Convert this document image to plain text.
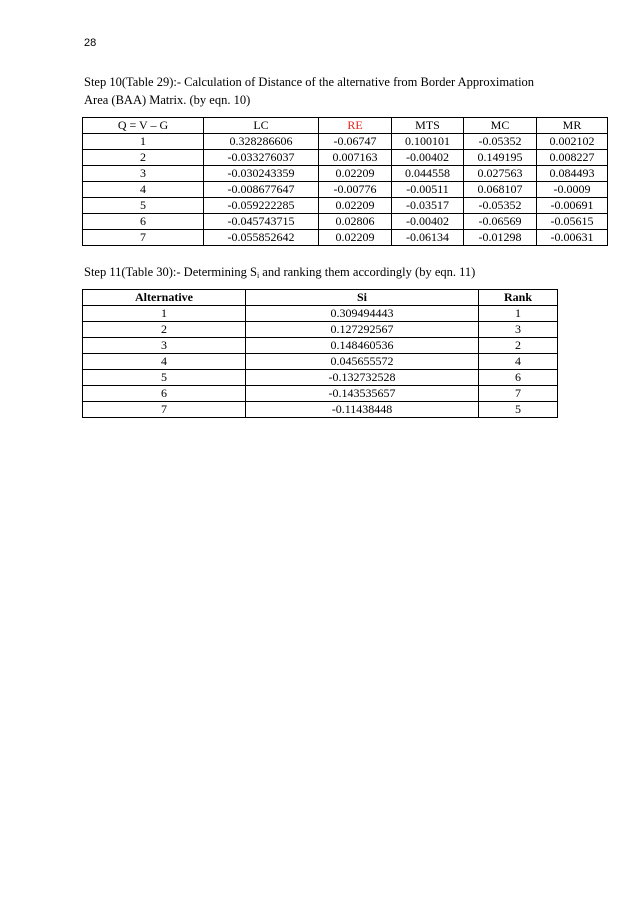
28
Step 10(Table 29):- Calculation of Distance of the alternative from Border Approximation
Area (BAA) Matrix. (by eqn. 10)
Q = V – G	LC	RE	MTS	MC	MR
1	0.328286606	-0.06747	0.100101	-0.05352	0.002102
2	-0.033276037	0.007163	-0.00402	0.149195	0.008227
3	-0.030243359	0.02209	0.044558	0.027563	0.084493
4	-0.008677647	-0.00776	-0.00511	0.068107	-0.0009
5	-0.059222285	0.02209	-0.03517	-0.05352	-0.00691
6	-0.045743715	0.02806	-0.00402	-0.06569	-0.05615
7	-0.055852642	0.02209	-0.06134	-0.01298	-0.00631
Step 11(Table 30):- Determining $S_i$ and ranking them accordingly (by eqn. 11)
Alternative	Si	Rank
1	0.309494443	1
2	0.127292567	3
3	0.148460536	2
4	0.045655572	4
5	-0.132732528	6
6	-0.143535657	7
7	-0.11438448	5
